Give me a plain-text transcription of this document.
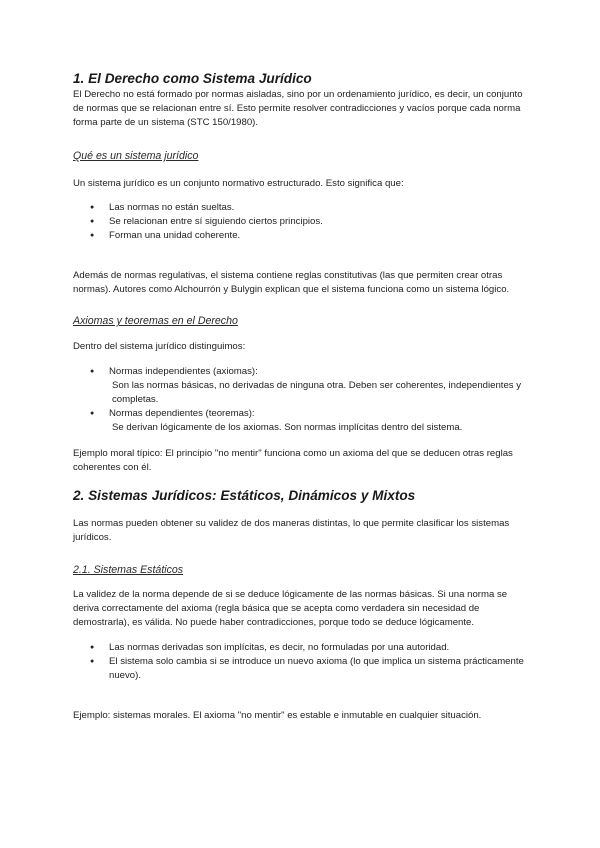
1. El Derecho como Sistema Jurídico

El Derecho no está formado por normas aisladas, sino por un ordenamiento jurídico, es decir, un conjunto de normas que se relacionan entre sí. Esto permite resolver contradicciones y vacíos porque cada norma forma parte de un sistema (STC 150/1980).

Qué es un sistema jurídico

Un sistema jurídico es un conjunto normativo estructurado. Esto significa que:

● Las normas no están sueltas.
● Se relacionan entre sí siguiendo ciertos principios.
● Forman una unidad coherente.

Además de normas regulativas, el sistema contiene reglas constitutivas (las que permiten crear otras normas). Autores como Alchourrón y Bulygin explican que el sistema funciona como un sistema lógico.

Axiomas y teoremas en el Derecho

Dentro del sistema jurídico distinguimos:

● Normas independientes (axiomas):
Son las normas básicas, no derivadas de ninguna otra. Deben ser coherentes, independientes y completas.
● Normas dependientes (teoremas):
Se derivan lógicamente de los axiomas. Son normas implícitas dentro del sistema.

Ejemplo moral típico: El principio "no mentir" funciona como un axioma del que se deducen otras reglas coherentes con él.

2. Sistemas Jurídicos: Estáticos, Dinámicos y Mixtos

Las normas pueden obtener su validez de dos maneras distintas, lo que permite clasificar los sistemas jurídicos.

2.1. Sistemas Estáticos

La validez de la norma depende de si se deduce lógicamente de las normas básicas. Si una norma se deriva correctamente del axioma (regla básica que se acepta como verdadera sin necesidad de demostrarla), es válida. No puede haber contradicciones, porque todo se deduce lógicamente.

● Las normas derivadas son implícitas, es decir, no formuladas por una autoridad.
● El sistema solo cambia si se introduce un nuevo axioma (lo que implica un sistema prácticamente nuevo).

Ejemplo: sistemas morales. El axioma "no mentir" es estable e inmutable en cualquier situación.
